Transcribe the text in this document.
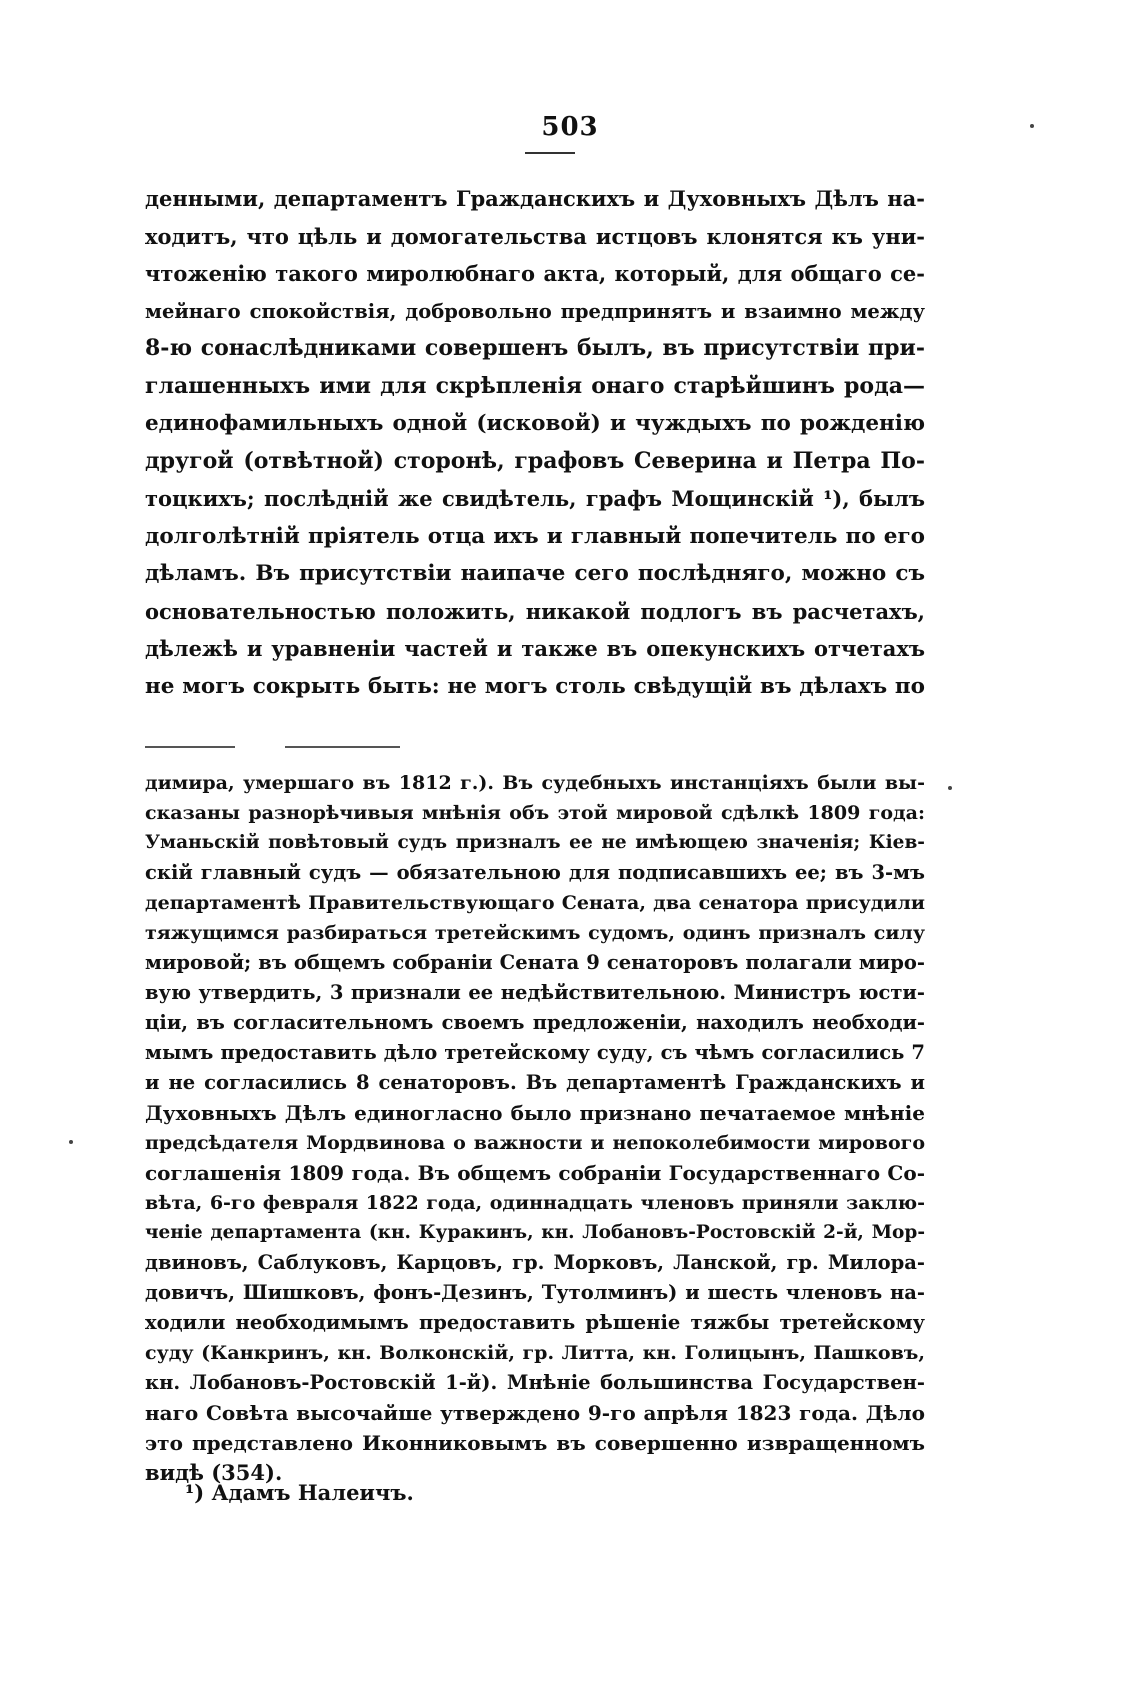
503
денными, департаментъ Гражданскихъ и Духовныхъ Дѣлъ на-
ходитъ, что цѣль и домогательства истцовъ клонятся къ уни-
чтоженію такого миролюбнаго акта, который, для общаго се-
мейнаго спокойствія, добровольно предпринятъ и взаимно между
8-ю сонаслѣдниками совершенъ былъ, въ присутствіи при-
глашенныхъ ими для скрѣпленія онаго старѣйшинъ рода—
единофамильныхъ одной (исковой) и чуждыхъ по рожденію
другой (отвѣтной) сторонѣ, графовъ Северина и Петра По-
тоцкихъ; послѣдній же свидѣтель, графъ Мощинскій ¹), былъ
долголѣтній пріятель отца ихъ и главный попечитель по его
дѣламъ. Въ присутствіи наипаче сего послѣдняго, можно съ
основательностью положить, никакой подлогъ въ расчетахъ,
дѣлежѣ и уравненіи частей и также въ опекунскихъ отчетахъ
не могъ сокрыть быть: не могъ столь свѣдущій въ дѣлахъ по
димира, умершаго въ 1812 г.). Въ судебныхъ инстанціяхъ были вы-
сказаны разнорѣчивыя мнѣнія объ этой мировой сдѣлкѣ 1809 года:
Уманьскій повѣтовый судъ призналъ ее не имѣющею значенія; Кіев-
скій главный судъ — обязательною для подписавшихъ ее; въ 3-мъ
департаментѣ Правительствующаго Сената, два сенатора присудили
тяжущимся разбираться третейскимъ судомъ, одинъ призналъ силу
мировой; въ общемъ собраніи Сената 9 сенаторовъ полагали миро-
вую утвердить, 3 признали ее недѣйствительною. Министръ юсти-
ціи, въ согласительномъ своемъ предложеніи, находилъ необходи-
мымъ предоставить дѣло третейскому суду, съ чѣмъ согласились 7
и не согласились 8 сенаторовъ. Въ департаментѣ Гражданскихъ и
Духовныхъ Дѣлъ единогласно было признано печатаемое мнѣніе
предсѣдателя Мордвинова о важности и непоколебимости мирового
соглашенія 1809 года. Въ общемъ собраніи Государственнаго Со-
вѣта, 6-го февраля 1822 года, одиннадцать членовъ приняли заклю-
ченіе департамента (кн. Куракинъ, кн. Лобановъ-Ростовскій 2-й, Мор-
двиновъ, Саблуковъ, Карцовъ, гр. Морковъ, Ланской, гр. Милора-
довичъ, Шишковъ, фонъ-Дезинъ, Тутолминъ) и шесть членовъ на-
ходили необходимымъ предоставить рѣшеніе тяжбы третейскому
суду (Канкринъ, кн. Волконскій, гр. Литта, кн. Голицынъ, Пашковъ,
кн. Лобановъ-Ростовскій 1-й). Мнѣніе большинства Государствен-
наго Совѣта высочайше утверждено 9-го апрѣля 1823 года. Дѣло
это представлено Иконниковымъ въ совершенно извращенномъ
видѣ (354).
¹) Адамъ Налеичъ.
